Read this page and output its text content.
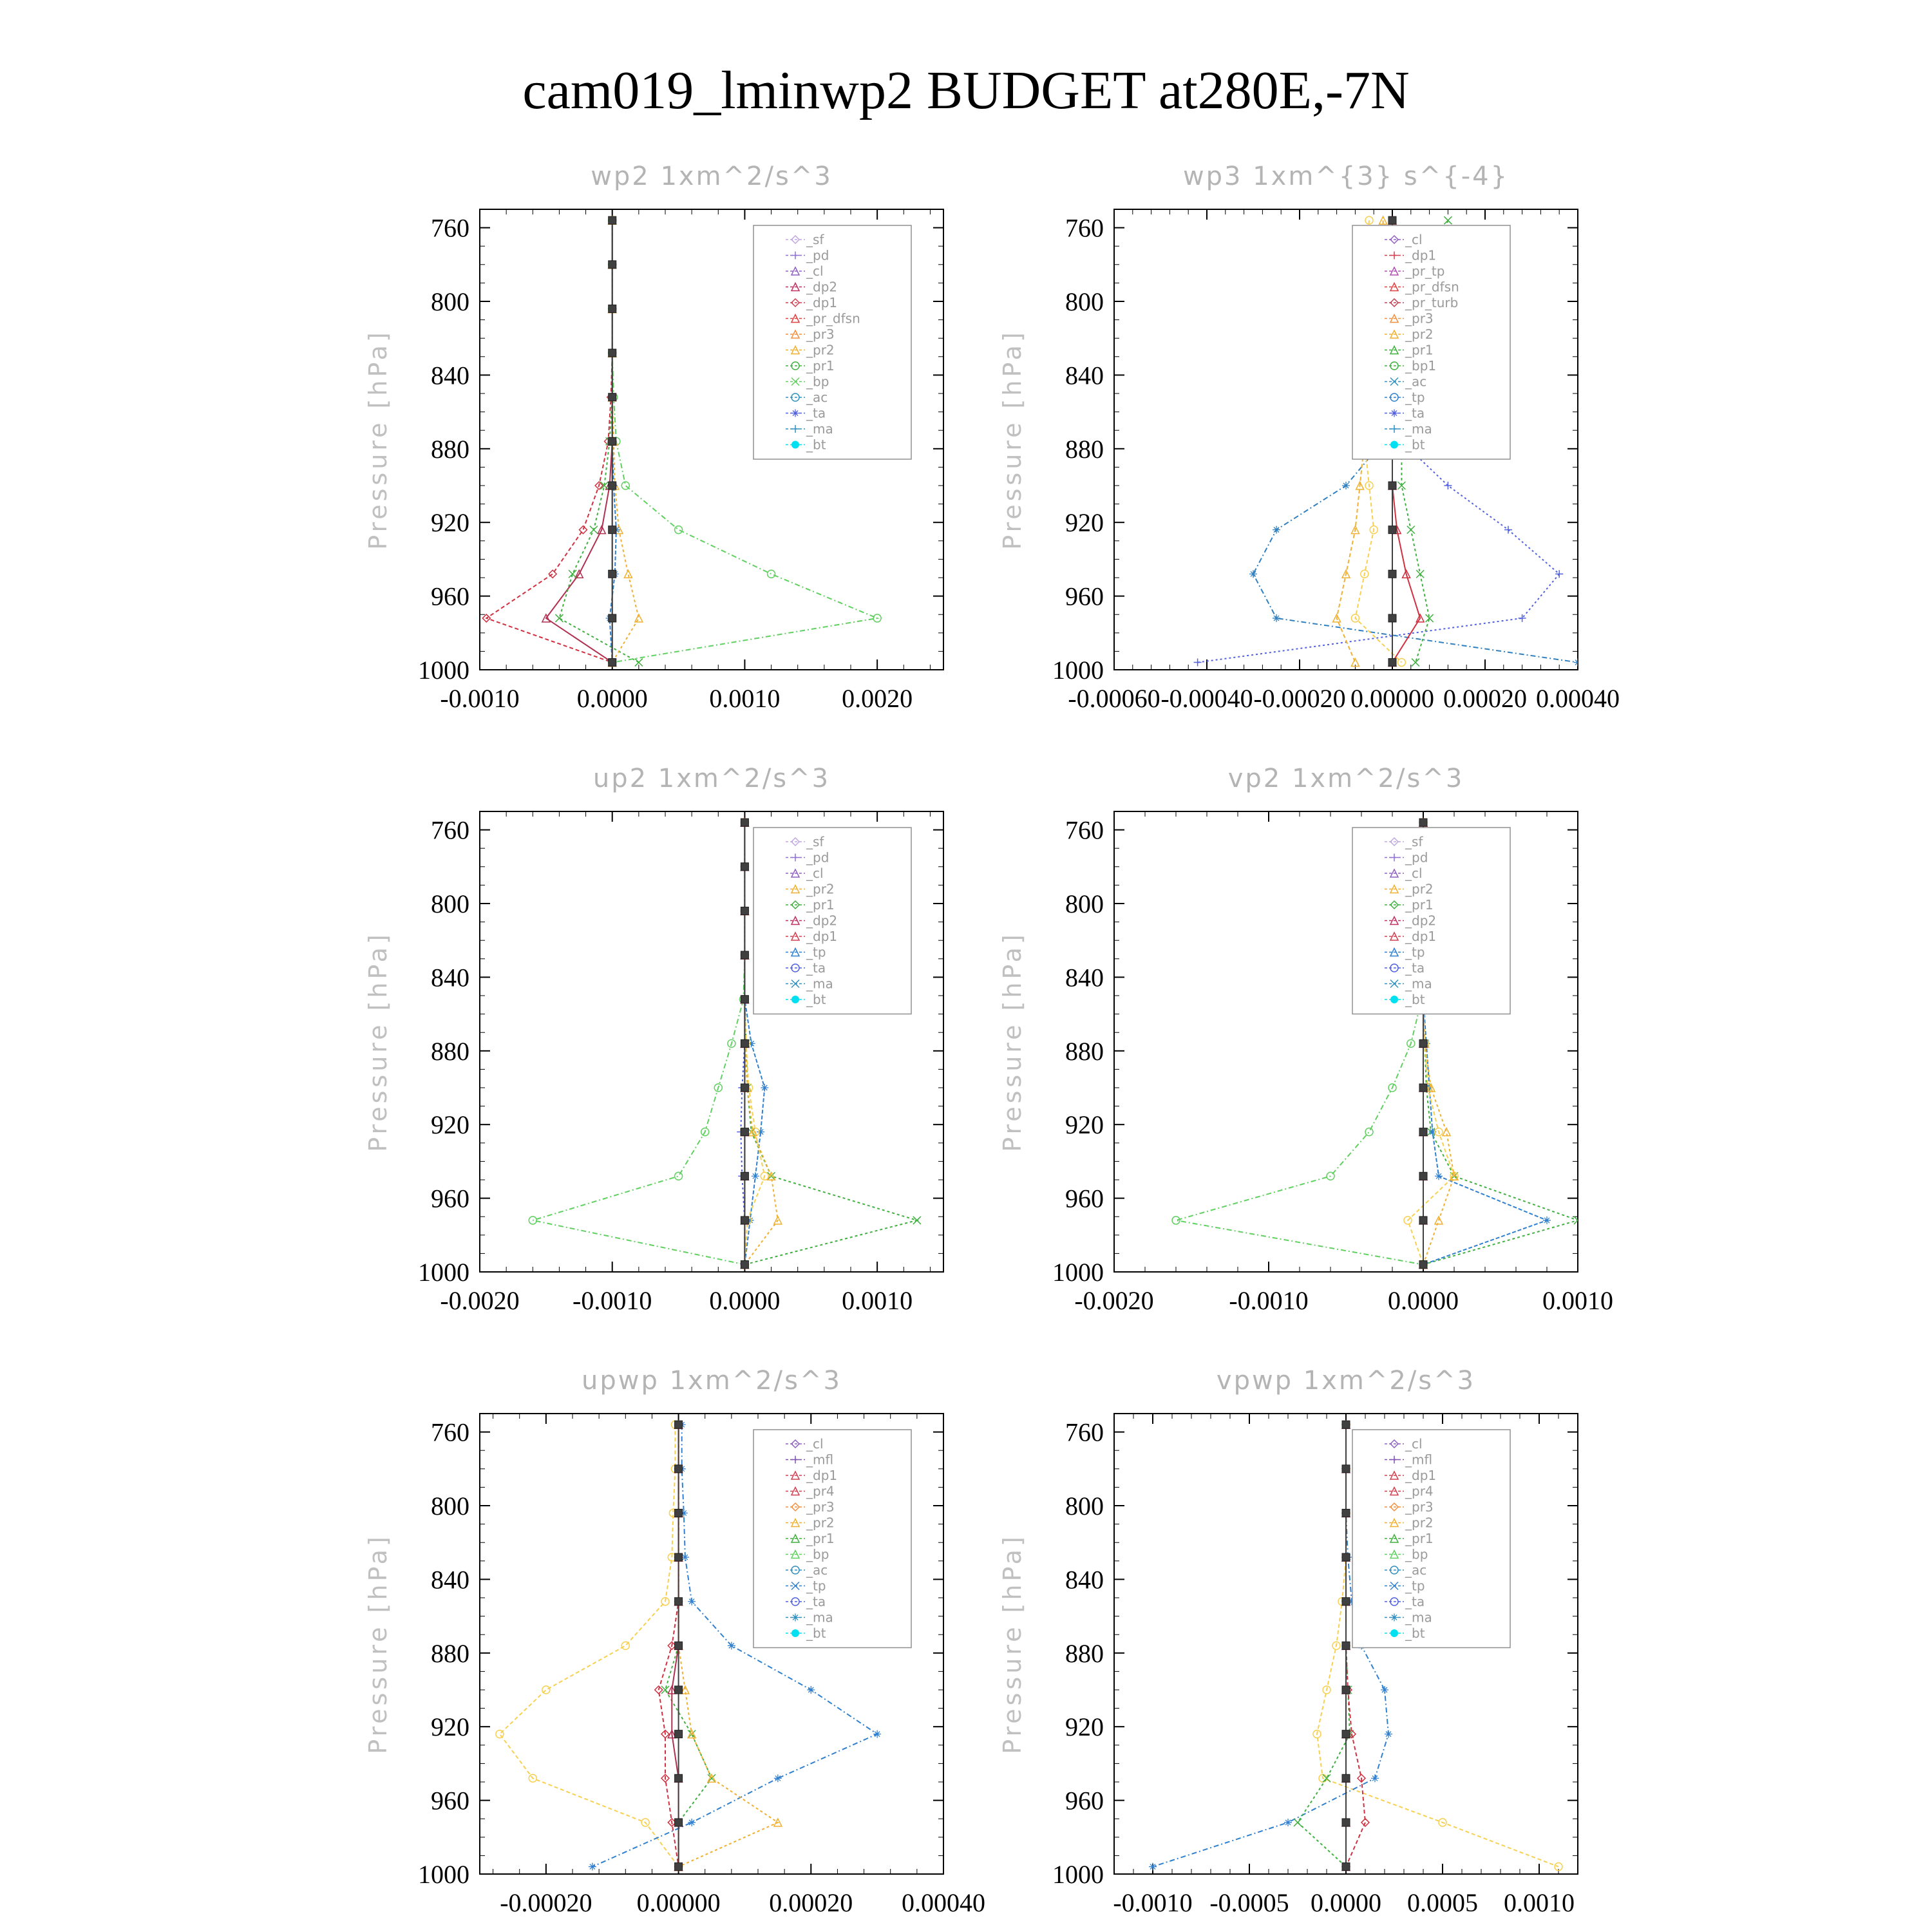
cam019_lminwp2 BUDGET at280E,-7N
wp2 1xm^2/s^3
Pressure [hPa]
760
800
840
880
920
960
1000
-0.0010 0.0000 0.0010 0.0020
_sf
_pd
_cl
_dp2
_dp1
_pr_dfsn
_pr3
_pr2
_pr1
_bp
_ac
_ta
_ma
_bt
wp3 1xm^{3} s^{-4}
Pressure [hPa]
760
800
840
880
920
960
1000
-0.00060 -0.00040 -0.00020 0.00000 0.00020 0.00040
_cl
_dp1
_pr_tp
_pr_dfsn
_pr_turb
_pr3
_pr2
_pr1
_bp1
_ac
_tp
_ta
_ma
_bt
up2 1xm^2/s^3
Pressure [hPa]
760
800
840
880
920
960
1000
-0.0020 -0.0010 0.0000 0.0010
_sf
_pd
_cl
_pr2
_pr1
_dp2
_dp1
_tp
_ta
_ma
_bt
vp2 1xm^2/s^3
Pressure [hPa]
760
800
840
880
920
960
1000
-0.0020	-0.0010	0.0000	0.0010
_sf
_pd
_cl
_pr2
_pr1
_dp2
_dp1
_tp
_ta
_ma
_bt
upwp 1xm^2/s^3
Pressure [hPa]
760
800
840
880
920
960
1000
-0.00020 0.00000 0.00020 0.00040
_cl
_mfl
_dp1
_pr4
_pr3
_pr2
_pr1
_bp
_ac
_tp
_ta
_ma
_bt
vpwp 1xm^2/s^3
Pressure [hPa]
760
800
840
880
920
960
1000
-0.0010 -0.0005 0.0000 0.0005 0.0010
_cl
_mfl
_dp1
_pr4
_pr3
_pr2
_pr1
_bp
_ac
_tp
_ta
_ma
_bt
